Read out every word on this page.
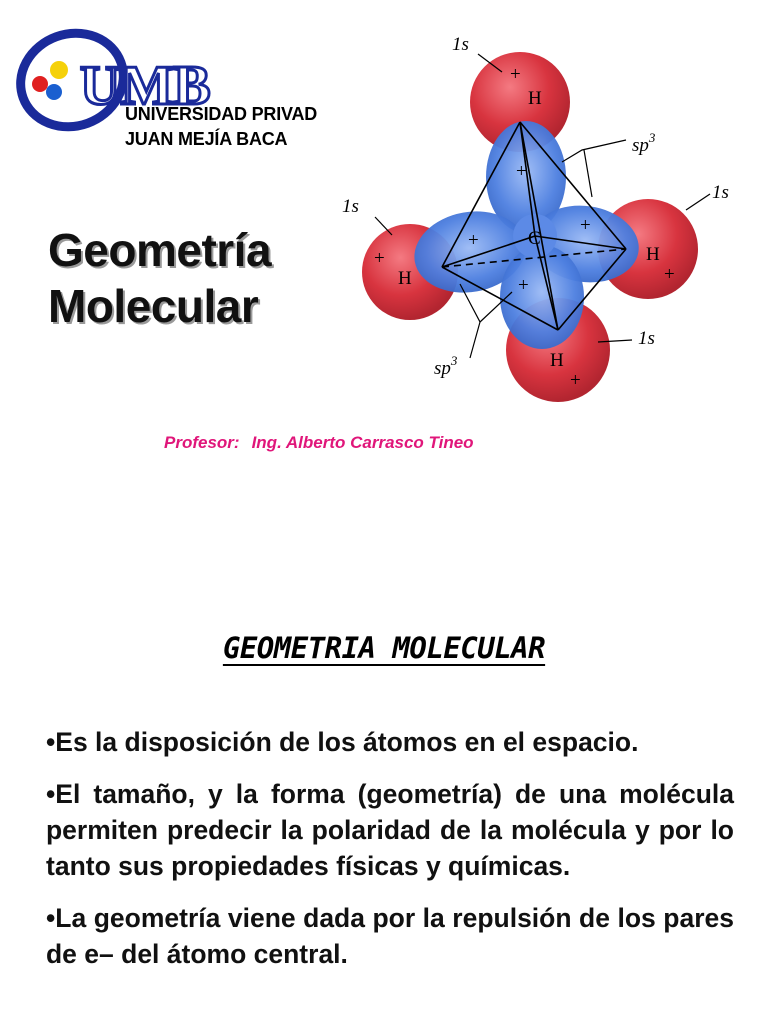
UMB
UNIVERSIDAD PRIVAD
JUAN MEJÍA BACA
Geometría
Molecular
1s
1s
1s
1s
$sp^3$
$sp^3$
H
H
H
H
C
+
+
+
+
+
+
+
+
Profesor: Ing. Alberto Carrasco Tineo
GEOMETRIA MOLECULAR
•Es la disposición de los átomos en el espacio.
•El tamaño, y la forma (geometría) de una molécula permiten predecir la polaridad de la molécula y por lo tanto sus propiedades físicas y químicas.
•La geometría viene dada por la repulsión de los pares de e– del átomo central.
